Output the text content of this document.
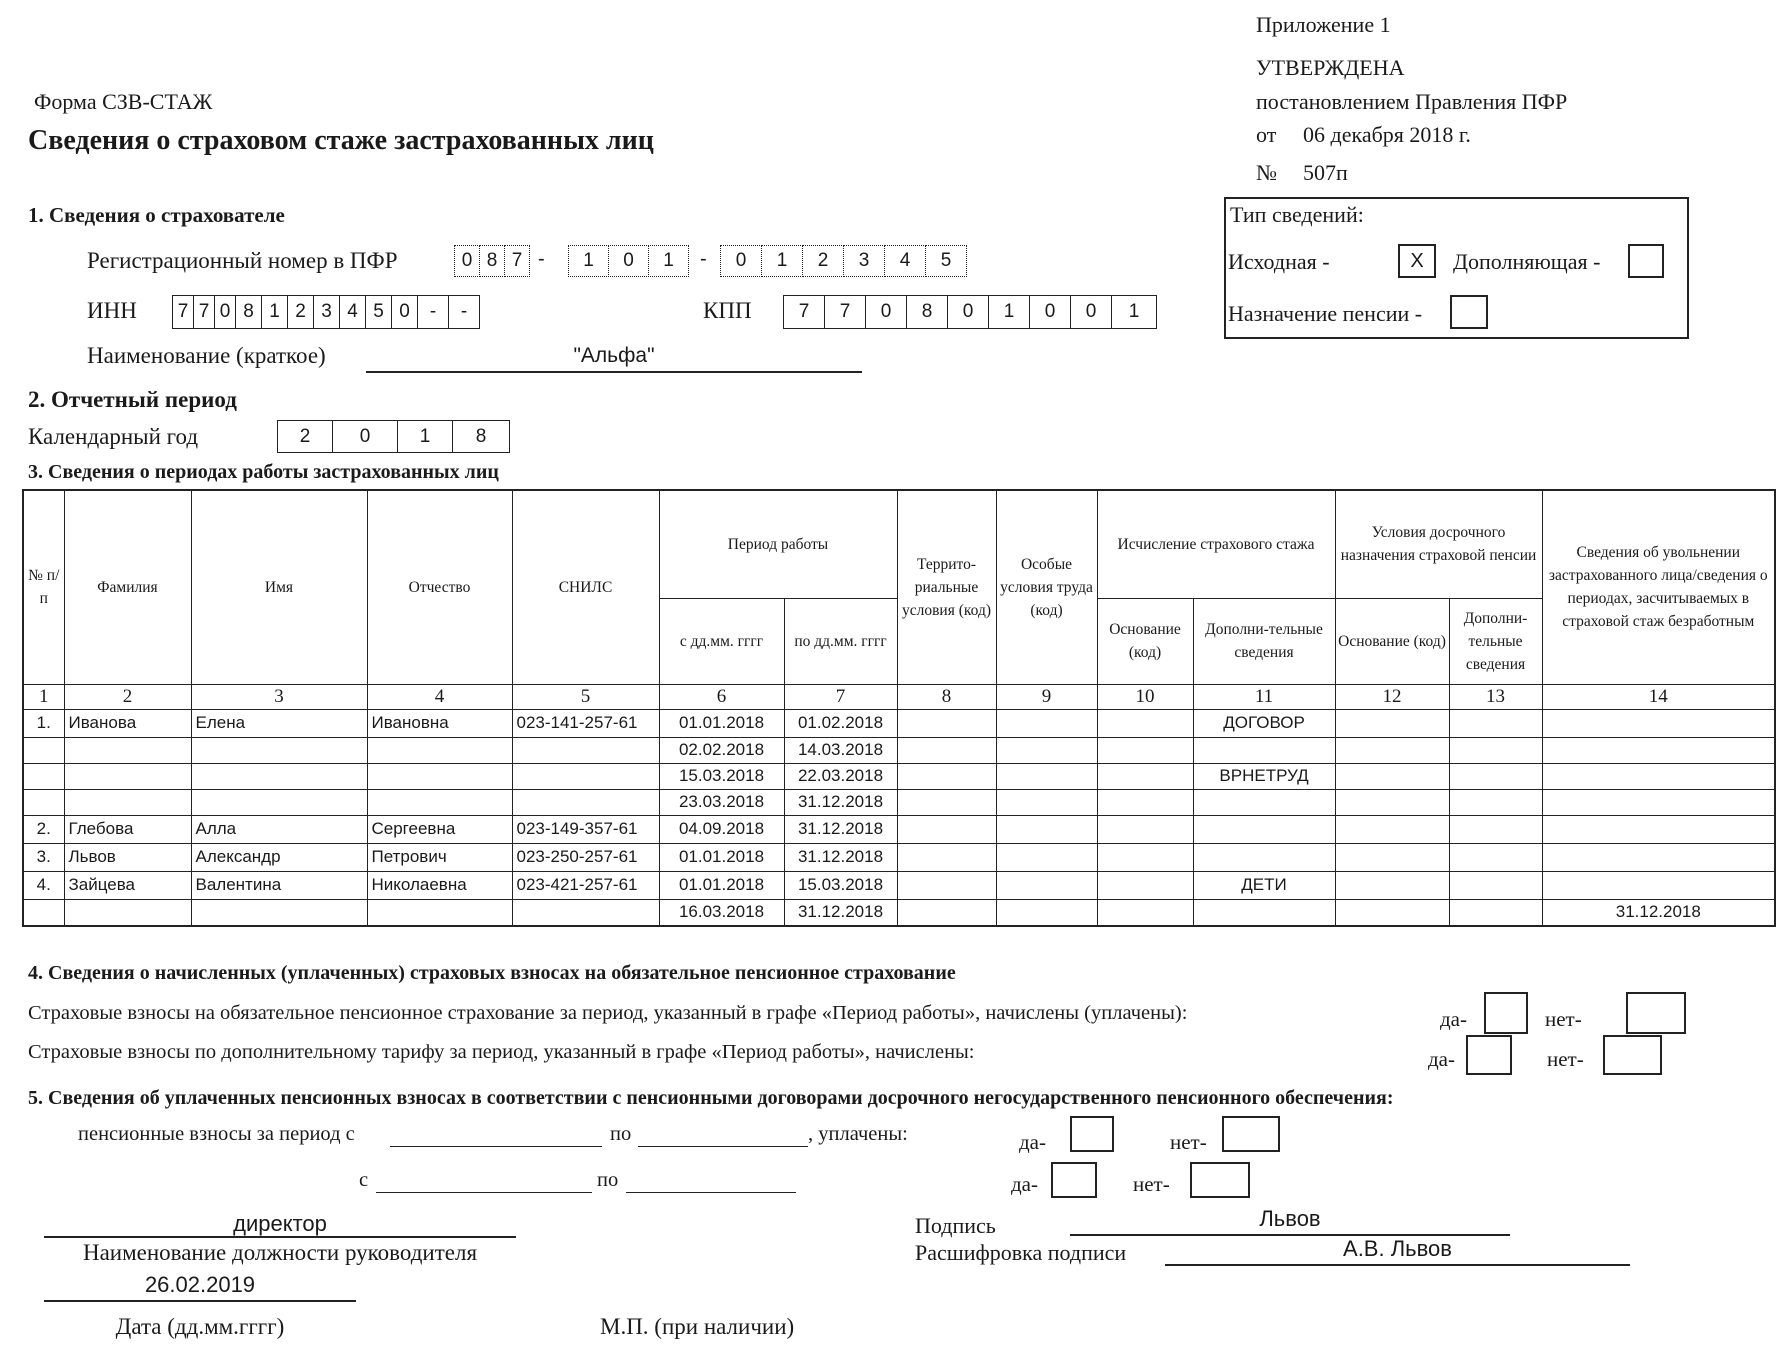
Приложение 1
УТВЕРЖДЕНА
постановлением Правления ПФР
от 06 декабря 2018 г.
№ 507п
Форма СЗВ-СТАЖ
Сведения о страховом стаже застрахованных лиц
Тип сведений:
Исходная -	X	Дополняющая -
Назначение пенсии -
1. Сведения о страхователе
Регистрационный номер в ПФР	0 8 7 -	1	0	1	-	0	1	2	3	4	5
ИНН	7 7 0 8 1 2 3 4 5 0	-	-	КПП	7	7	0	8	0	1	0	0	1
Наименование (краткое)	"Альфа"
2. Отчетный период
Календарный год	2	0	1	8
3. Сведения о периодах работы застрахованных лиц
№ п/п	Фамилия	Имя	Отчество	СНИЛС	Период работы		Террито-риальные условия (код)	Особые условия труда (код)	Исчисление страхового стажа		Условия досрочного назначения страховой пенсии		Сведения об увольнении застрахованного лица/сведения о периодах, засчитываемых в страховой стаж безработным
					с дд.мм. гггг	по дд.мм. гггг			Основание (код)	Дополни-тельные сведения	Основание (код)	Дополни-тельные сведения	
1	2	3	4	5	6	7	8	9	10	11	12	13	14
1.	Иванова	Елена	Ивановна	023-141-257-61	01.01.2018	01.02.2018				ДОГОВОР			
					02.02.2018	14.03.2018							
					15.03.2018	22.03.2018				ВРНЕТРУД			
					23.03.2018	31.12.2018							
2.	Глебова	Алла	Сергеевна	023-149-357-61	04.09.2018	31.12.2018							
3.	Львов	Александр	Петрович	023-250-257-61	01.01.2018	31.12.2018							
4.	Зайцева	Валентина	Николаевна	023-421-257-61	01.01.2018	15.03.2018				ДЕТИ			
					16.03.2018	31.12.2018							31.12.2018
4. Сведения о начисленных (уплаченных) страховых взносах на обязательное пенсионное страхование
Страховые взносы на обязательное пенсионное страхование за период, указанный в графе «Период работы», начислены (уплачены):	да-	нет-
Страховые взносы по дополнительному тарифу за период, указанный в графе «Период работы», начислены:	да-	нет-
5. Сведения об уплаченных пенсионных взносах в соответствии с пенсионными договорами досрочного негосударственного пенсионного обеспечения:
пенсионные взносы за период с	по	, уплачены:	да-	нет-
с	по	да-	нет-
директор
Наименование должности руководителя
26.02.2019
Дата (дд.мм.гггг)	М.П. (при наличии)
Подпись	Львов
Расшифровка подписи	А.В. Львов
